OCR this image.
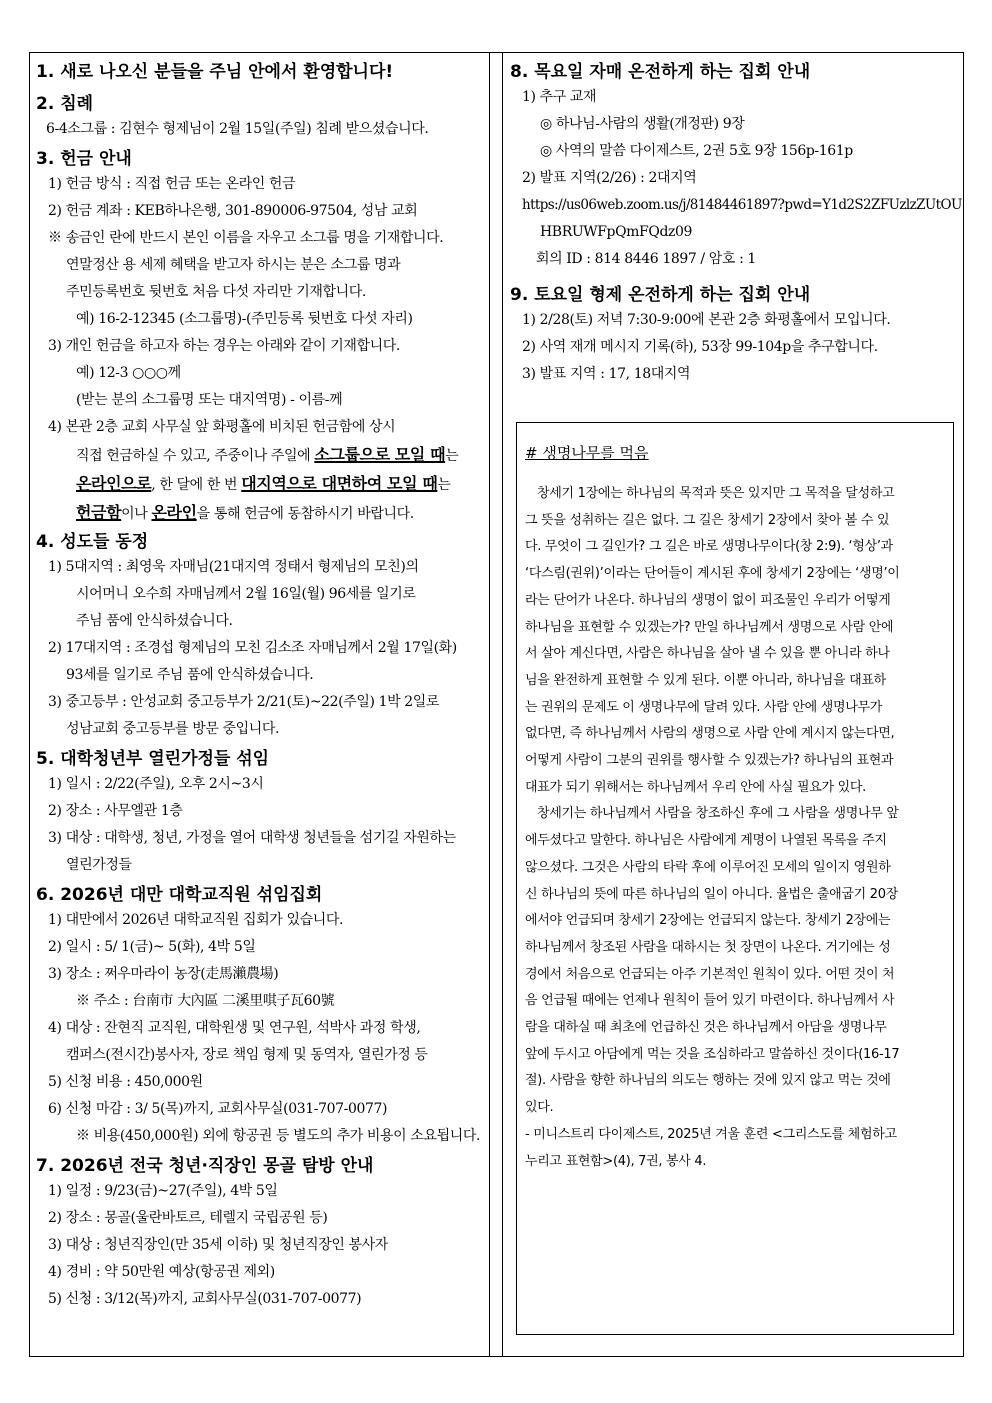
1. 새로 나오신 분들을 주님 안에서 환영합니다!

2. 침례

6-4소그룹 : 김현수 형제님이 2월 15일(주일) 침례 받으셨습니다.

3. 헌금 안내

1) 헌금 방식 : 직접 헌금 또는 온라인 헌금

2) 헌금 계좌 : KEB하나은행, 301-890006-97504, 성남 교회

※ 송금인 란에 반드시 본인 이름을 자우고 소그룹 명을 기재합니다.

연말정산 용 세제 혜택을 받고자 하시는 분은 소그룹 명과

주민등록번호 뒷번호 처음 다섯 자리만 기재합니다.

예) 16-2-12345 (소그룹명)-(주민등록 뒷번호 다섯 자리)

3) 개인 헌금을 하고자 하는 경우는 아래와 같이 기재합니다.

예) 12-3 ○○○께

(받는 분의 소그룹명 또는 대지역명) - 이름-께

4) 본관 2층 교회 사무실 앞 화평홀에 비치된 헌금함에 상시

직접 헌금하실 수 있고, 주중이나 주일에 소그룹으로 모일 때는

온라인으로, 한 달에 한 번 대지역으로 대면하여 모일 때는

헌금함이나 온라인을 통해 헌금에 동참하시기 바랍니다.

4. 성도들 동정

1) 5대지역 : 최영욱 자매님(21대지역 정태서 형제님의 모친)의

시어머니 오수희 자매님께서 2월 16일(월) 96세를 일기로

주님 품에 안식하셨습니다.

2) 17대지역 : 조경섭 형제님의 모친 김소조 자매님께서 2월 17일(화)

93세를 일기로 주님 품에 안식하셨습니다.

3) 중고등부 : 안성교회 중고등부가 2/21(토)~22(주일) 1박 2일로

성남교회 중고등부를 방문 중입니다.

5. 대학청년부 열린가정들 섞임

1) 일시 : 2/22(주일), 오후 2시~3시

2) 장소 : 사무엘관 1층

3) 대상 : 대학생, 청년, 가정을 열어 대학생 청년들을 섬기길 자원하는

열린가정들

6. 2026년 대만 대학교직원 섞임집회

1) 대만에서 2026년 대학교직원 집회가 있습니다.

2) 일시 : 5/ 1(금)~ 5(화), 4박 5일

3) 장소 : 쩌우마라이 농장(走馬瀨農場)

※ 주소 : 台南市 大內區 二溪里唭子瓦60號

4) 대상 : 잔현직 교직원, 대학원생 및 연구원, 석박사 과정 학생,

캠퍼스(전시간)봉사자, 장로 책임 형제 및 동역자, 열린가정 등

5) 신청 비용 : 450,000원

6) 신청 마감 : 3/ 5(목)까지, 교회사무실(031-707-0077)

※ 비용(450,000원) 외에 항공권 등 별도의 추가 비용이 소요됩니다.

7. 2026년 전국 청년·직장인 몽골 탐방 안내

1) 일정 : 9/23(금)~27(주일), 4박 5일

2) 장소 : 몽골(울란바토르, 테렐지 국립공원 등)

3) 대상 : 청년직장인(만 35세 이하) 및 청년직장인 봉사자

4) 경비 : 약 50만원 예상(항공권 제외)

5) 신청 : 3/12(목)까지, 교회사무실(031-707-0077)

8. 목요일 자매 온전하게 하는 집회 안내

1) 추구 교재

◎ 하나님-사람의 생활(개정판) 9장

◎ 사역의 말씀 다이제스트, 2권 5호 9장 156p-161p

2) 발표 지역(2/26) : 2대지역

https://us06web.zoom.us/j/81484461897?pwd=Y1d2S2ZFUzlzZUtOU

HBRUWFpQmFQdz09

회의 ID : 814 8446 1897 / 암호 : 1

9. 토요일 형제 온전하게 하는 집회 안내

1) 2/28(토) 저녁 7:30-9:00에 본관 2층 화평홀에서 모입니다.

2) 사역 재개 메시지 기록(하), 53장 99-104p을 추구합니다.

3) 발표 지역 : 17, 18대지역

# 생명나무를 먹음

창세기 1장에는 하나님의 목적과 뜻은 있지만 그 목적을 달성하고

그 뜻을 성취하는 길은 없다. 그 길은 창세기 2장에서 찾아 볼 수 있

다. 무엇이 그 길인가? 그 길은 바로 생명나무이다(창 2:9). ‘형상’과

‘다스림(권위)’이라는 단어들이 계시된 후에 창세기 2장에는 ‘생명’이

라는 단어가 나온다. 하나님의 생명이 없이 피조물인 우리가 어떻게

하나님을 표현할 수 있겠는가? 만일 하나님께서 생명으로 사람 안에

서 살아 계신다면, 사람은 하나님을 살아 낼 수 있을 뿐 아니라 하나

님을 완전하게 표현할 수 있게 된다. 이뿐 아니라, 하나님을 대표하

는 권위의 문제도 이 생명나무에 달려 있다. 사람 안에 생명나무가

없다면, 즉 하나님께서 사람의 생명으로 사람 안에 계시지 않는다면,

어떻게 사람이 그분의 권위를 행사할 수 있겠는가? 하나님의 표현과

대표가 되기 위해서는 하나님께서 우리 안에 사실 필요가 있다.

창세기는 하나님께서 사람을 창조하신 후에 그 사람을 생명나무 앞

에두셨다고 말한다. 하나님은 사람에게 계명이 나열된 목록을 주지

않으셨다. 그것은 사람의 타락 후에 이루어진 모세의 일이지 영원하

신 하나님의 뜻에 따른 하나님의 일이 아니다. 율법은 출애굽기 20장

에서야 언급되며 창세기 2장에는 언급되지 않는다. 창세기 2장에는

하나님께서 창조된 사람을 대하시는 첫 장면이 나온다. 거기에는 성

경에서 처음으로 언급되는 아주 기본적인 원칙이 있다. 어떤 것이 처

음 언급될 때에는 언제나 원칙이 들어 있기 마련이다. 하나님께서 사

람을 대하실 때 최초에 언급하신 것은 하나님께서 아담을 생명나무

앞에 두시고 아담에게 먹는 것을 조심하라고 말씀하신 것이다(16-17

절). 사람을 향한 하나님의 의도는 행하는 것에 있지 않고 먹는 것에

있다.

- 미니스트리 다이제스트, 2025년 겨울 훈련 <그리스도를 체험하고

누리고 표현함>(4), 7권, 봉사 4.
